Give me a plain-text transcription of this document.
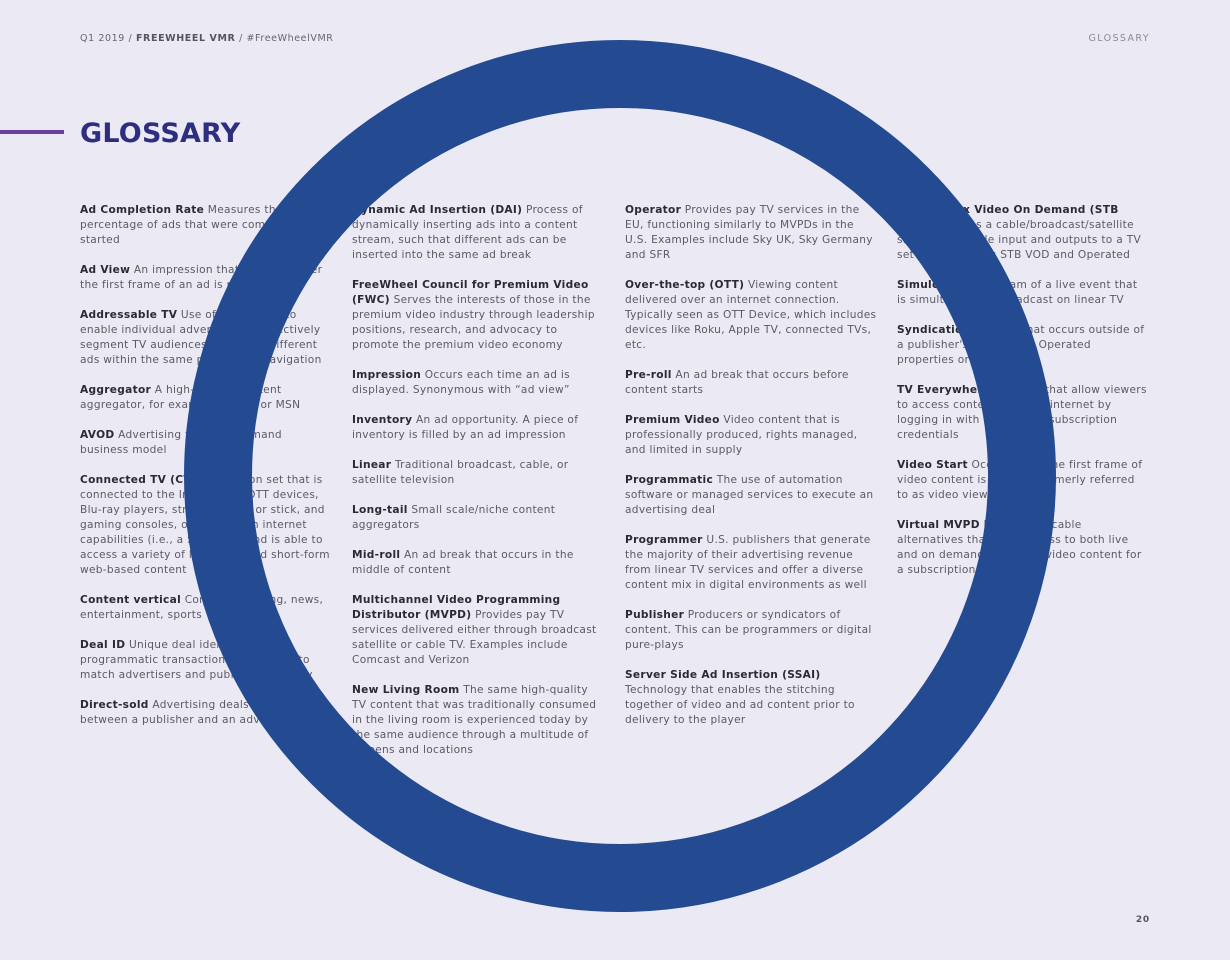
Q1 2019 / FREEWHEEL VMR / #FreeWheelVMR	GLOSSARY
GLOSSARY

Ad Completion Rate Measures the percentage of ads that were completed once started

Ad View An impression that registers after the first frame of an ad is rendered

Addressable TV Use of technology to enable individual advertisers to selectively segment TV audiences and serve different ads within the same program or navigation

Aggregator A high-volume content aggregator, for example Yahoo! or MSN

AVOD Advertising video on demand business model

Connected TV (CTV) Television set that is connected to the Internet via OTT devices, Blu-ray players, streaming box or stick, and gaming consoles, or has built-in internet capabilities (i.e., a Smart TV) and is able to access a variety of long-form and short-form web-based content

Content vertical Content including, news, entertainment, sports

Deal ID Unique deal identifier for programmatic transaction that is used to match advertisers and publishers directly

Direct-sold Advertising deals made directly between a publisher and an advertiser

Dynamic Ad Insertion (DAI) Process of dynamically inserting ads into a content stream, such that different ads can be inserted into the same ad break

FreeWheel Council for Premium Video (FWC) Serves the interests of those in the premium video industry through leadership positions, research, and advocacy to promote the premium video economy

Impression Occurs each time an ad is displayed. Synonymous with “ad view”

Inventory An ad opportunity. A piece of inventory is filled by an ad impression

Linear Traditional broadcast, cable, or satellite television

Long-tail Small scale/niche content aggregators

Mid-roll An ad break that occurs in the middle of content

Multichannel Video Programming Distributor (MVPD) Provides pay TV services delivered either through broadcast satellite or cable TV. Examples include Comcast and Verizon

New Living Room The same high-quality TV content that was traditionally consumed in the living room is experienced today by the same audience through a multitude of screens and locations

Operator Provides pay TV services in the EU, functioning similarly to MVPDs in the U.S. Examples include Sky UK, Sky Germany and SFR

Over-the-top (OTT) Viewing content delivered over an internet connection. Typically seen as OTT Device, which includes devices like Roku, Apple TV, connected TVs, etc.

Pre-roll An ad break that occurs before content starts

Premium Video Video content that is professionally produced, rights managed, and limited in supply

Programmatic The use of automation software or managed services to execute an advertising deal

Programmer U.S. publishers that generate the majority of their advertising revenue from linear TV services and offer a diverse content mix in digital environments as well

Publisher Producers or syndicators of content. This can be programmers or digital pure-plays

Server Side Ad Insertion (SSAI) Technology that enables the stitching together of video and ad content prior to delivery to the player

Set-Top-Box Video On Demand (STB VOD) Receives a cable/broadcast/satellite signal via a cable input and outputs to a TV set via FourFronts STB VOD and Operated

Simulcast Live stream of a live event that is simultaneously broadcast on linear TV

Syndication Content that occurs outside of a publisher's Owned and Operated properties or platforms

TV Everywhere Services that allow viewers to access content over the internet by logging in with their MVPD subscription credentials

Video Start Occurs when the first frame of video content is viewed. Formerly referred to as video view

Virtual MVPD Digital-only cable alternatives that offer access to both live and on demand television video content for a subscription fee

20
